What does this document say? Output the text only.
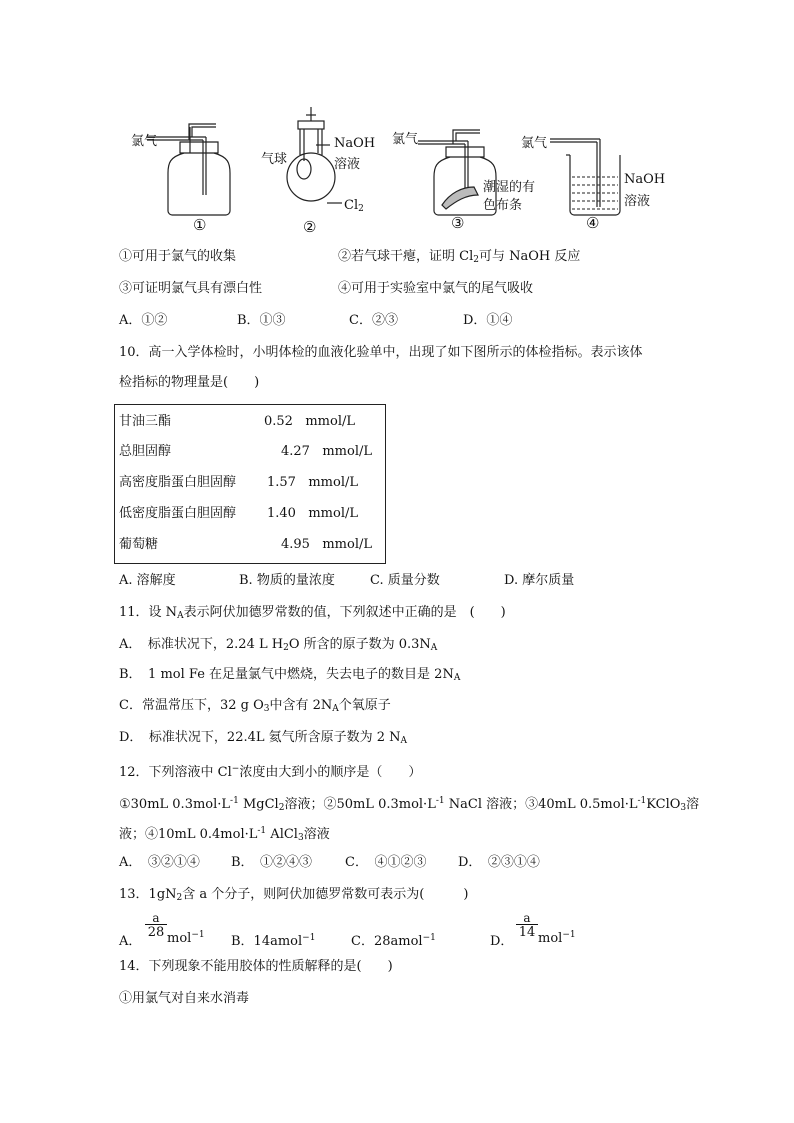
氯气
气球
NaOH
溶液
$Cl_2$
氯气
潮湿的有
色布条
氯气
NaOH
溶液
①	②	③	④
①可用于氯气的收集	②若气球干瘪，证明 $Cl_2$可与 NaOH 反应
③可证明氯气具有漂白性	④可用于实验室中氯气的尾气吸收
A．①②	B．①③	C．②③	D．①④
10．高一入学体检时，小明体检的血液化验单中，出现了如下图所示的体检指标。表示该体
检指标的物理量是(　　)
甘油三酯	0.52 mmol/L
总胆固醇	4.27 mmol/L
高密度脂蛋白胆固醇 1.57 mmol/L
低密度脂蛋白胆固醇 1.40 mmol/L
葡萄糖	4.95 mmol/L
A. 溶解度	B. 物质的量浓度	C. 质量分数	D. 摩尔质量
11．设 $N_A$表示阿伏加德罗常数的值，下列叙述中正确的是　(　　)
A．　标准状况下，2.24 L $H_2O$ 所含的原子数为 $0.3N_A$
B．　1 mol Fe 在足量氯气中燃烧，失去电子的数目是 $2N_A$
C．常温常压下，32 g $O_3$中含有 $2N_A$个氧原子
D．　标准状况下，22.4L 氦气所含原子数为 2 $N_A$
12．下列溶液中 Cl−浓度由大到小的顺序是（　　）
①30mL $0.3mol\cdot L^{-1}$ MgCl$_2$溶液；②50mL $0.3mol\cdot L^{-1}$ NaCl 溶液；③40mL $0.5mol\cdot L^{-1}KClO_3$溶
液；④10mL $0.4mol\cdot L^{-1}$ AlCl$_3$溶液
A．　③②①④ B．　①②④③	C．　④①②③ D．　②③①④
13．$1gN_2$含 a 个分子，则阿伏加德罗常数可表示为(　　　)
A．
a
28 mol$^{-1}$ B．14amol$^{-1}$	C．28amol$^{-1}$	D．
a
14 mol$^{-1}$
14．下列现象不能用胶体的性质解释的是(　　)
①用氯气对自来水消毒
